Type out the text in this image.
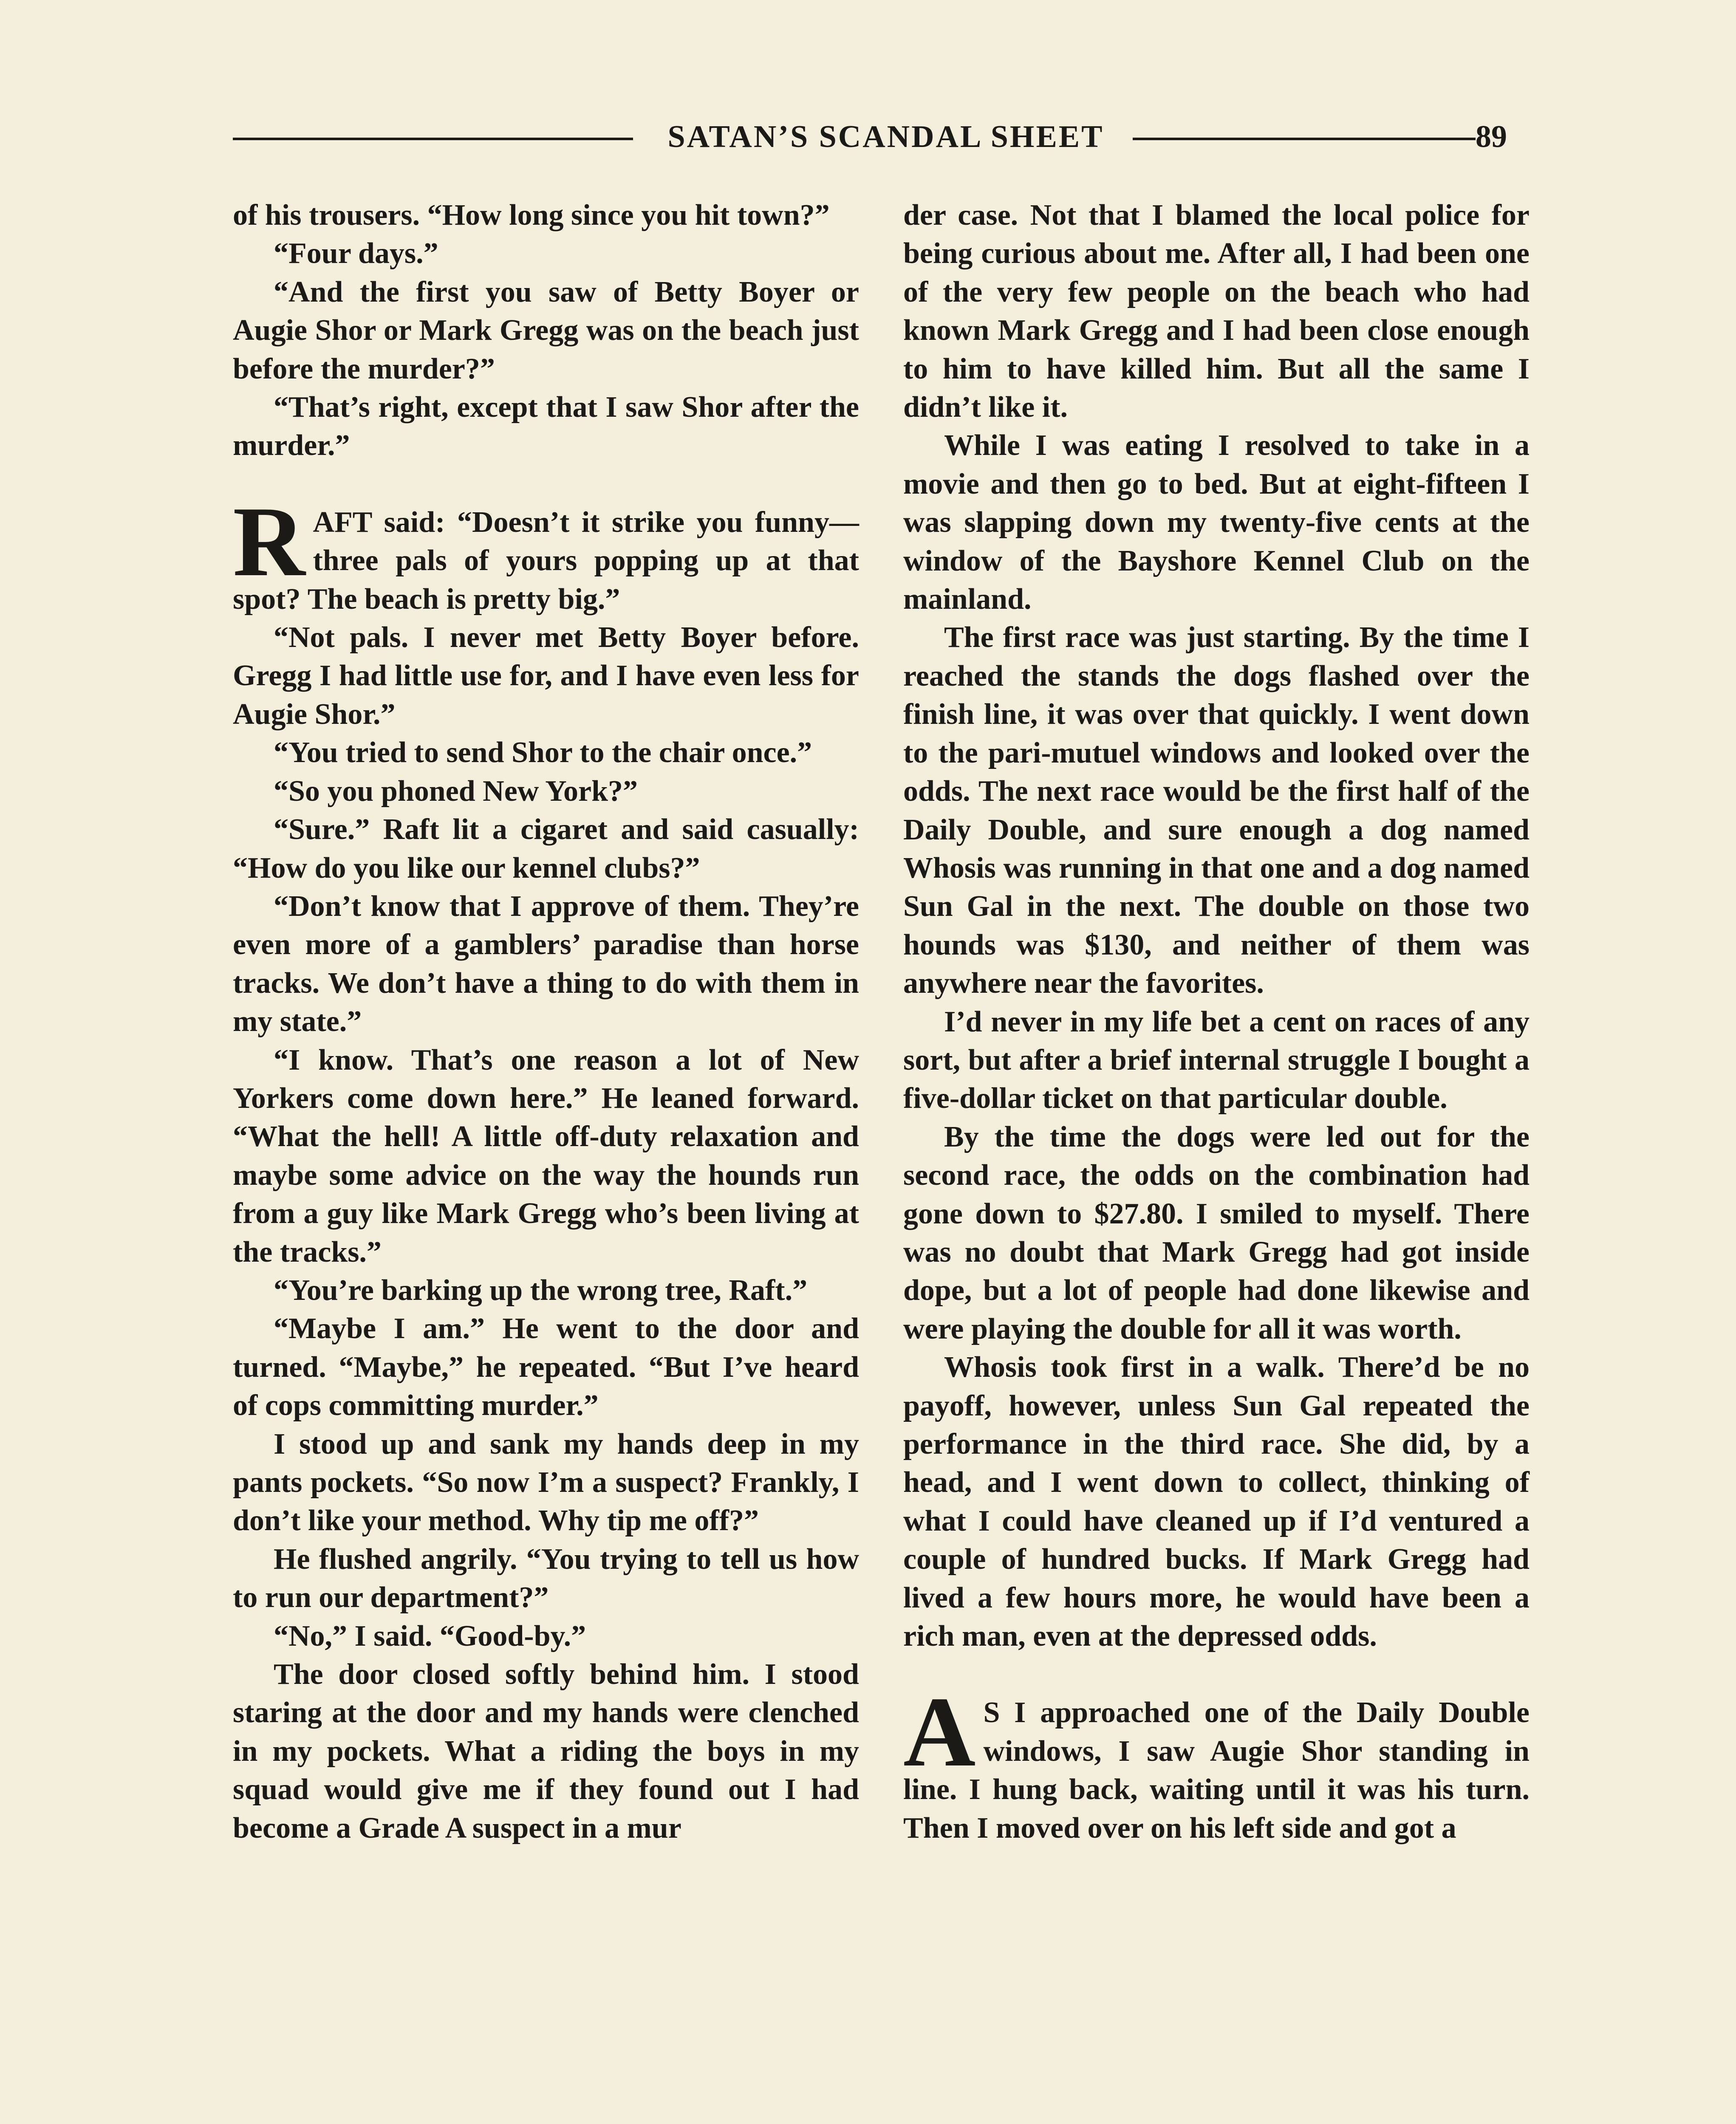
SATAN’S SCANDAL SHEET	89

of his trousers. “How long since you hit town?”

“Four days.”

“And the first you saw of Betty Boyer or Augie Shor or Mark Gregg was on the beach just before the murder?”

“That’s right, except that I saw Shor after the murder.”

RAFT said: “Doesn’t it strike you funny—three pals of yours popping up at that spot? The beach is pretty big.”

“Not pals. I never met Betty Boyer before. Gregg I had little use for, and I have even less for Augie Shor.”

“You tried to send Shor to the chair once.”

“So you phoned New York?”

“Sure.” Raft lit a cigaret and said casually: “How do you like our kennel clubs?”

“Don’t know that I approve of them. They’re even more of a gamblers’ paradise than horse tracks. We don’t have a thing to do with them in my state.”

“I know. That’s one reason a lot of New Yorkers come down here.” He leaned forward. “What the hell! A little off-duty relaxation and maybe some advice on the way the hounds run from a guy like Mark Gregg who’s been living at the tracks.”

“You’re barking up the wrong tree, Raft.”

“Maybe I am.” He went to the door and turned. “Maybe,” he repeated. “But I’ve heard of cops committing murder.”

I stood up and sank my hands deep in my pants pockets. “So now I’m a suspect? Frankly, I don’t like your method. Why tip me off?”

He flushed angrily. “You trying to tell us how to run our department?”

“No,” I said. “Good-by.”

The door closed softly behind him. I stood staring at the door and my hands were clenched in my pockets. What a riding the boys in my squad would give me if they found out I had become a Grade A suspect in a mur

der case. Not that I blamed the local police for being curious about me. After all, I had been one of the very few people on the beach who had known Mark Gregg and I had been close enough to him to have killed him. But all the same I didn’t like it.

While I was eating I resolved to take in a movie and then go to bed. But at eight-fifteen I was slapping down my twenty-five cents at the window of the Bayshore Kennel Club on the mainland.

The first race was just starting. By the time I reached the stands the dogs flashed over the finish line, it was over that quickly. I went down to the pari-mutuel windows and looked over the odds. The next race would be the first half of the Daily Double, and sure enough a dog named Whosis was running in that one and a dog named Sun Gal in the next. The double on those two hounds was $130, and neither of them was anywhere near the favorites.

I’d never in my life bet a cent on races of any sort, but after a brief internal struggle I bought a five-dollar ticket on that particular double.

By the time the dogs were led out for the second race, the odds on the combination had gone down to $27.80. I smiled to myself. There was no doubt that Mark Gregg had got inside dope, but a lot of people had done likewise and were playing the double for all it was worth.

Whosis took first in a walk. There’d be no payoff, however, unless Sun Gal repeated the performance in the third race. She did, by a head, and I went down to collect, thinking of what I could have cleaned up if I’d ventured a couple of hundred bucks. If Mark Gregg had lived a few hours more, he would have been a rich man, even at the depressed odds.

A S I approached one of the Daily Double windows, I saw Augie Shor standing in line. I hung back, waiting until it was his turn. Then I moved over on his left side and got a
